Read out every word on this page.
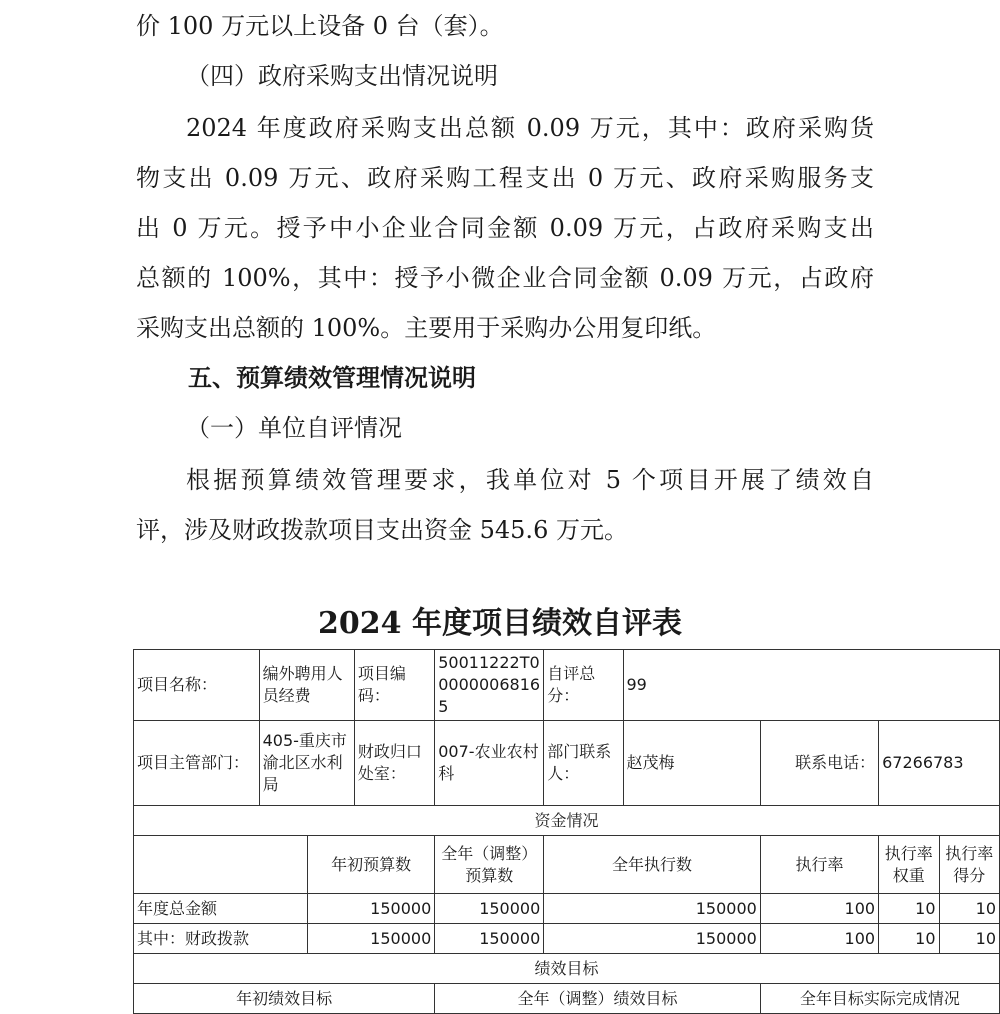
价 100 万元以上设备 0 台（套）。

（四）政府采购支出情况说明

2024 年度政府采购支出总额 0.09 万元，其中：政府采购货

物支出 0.09 万元、政府采购工程支出 0 万元、政府采购服务支

出 0 万元。授予中小企业合同金额 0.09 万元，占政府采购支出

总额的 100%，其中：授予小微企业合同金额 0.09 万元，占政府

采购支出总额的 100%。主要用于采购办公用复印纸。

五、预算绩效管理情况说明

（一）单位自评情况

根据预算绩效管理要求，我单位对 5 个项目开展了绩效自

评，涉及财政拨款项目支出资金 545.6 万元。

2024 年度项目绩效自评表

项目名称：	编外聘用人员经费		项目编码：	50011222T000000068165	自评总分：	99			
项目主管部门：	405-重庆市渝北区水利局		财政归口处室：	007-农业农村科	部门联系人：	赵茂梅	联系电话：	67266783	
资金情况									
		年初预算数		全年（调整）预算数	全年执行数		执行率	执行率权重	执行率得分
年度总金额		150000		150000	150000		100	10	10
其中：财政拨款		150000		150000	150000		100	10	10
绩效目标									
年初绩效目标				全年（调整）绩效目标			全年目标实际完成情况		
